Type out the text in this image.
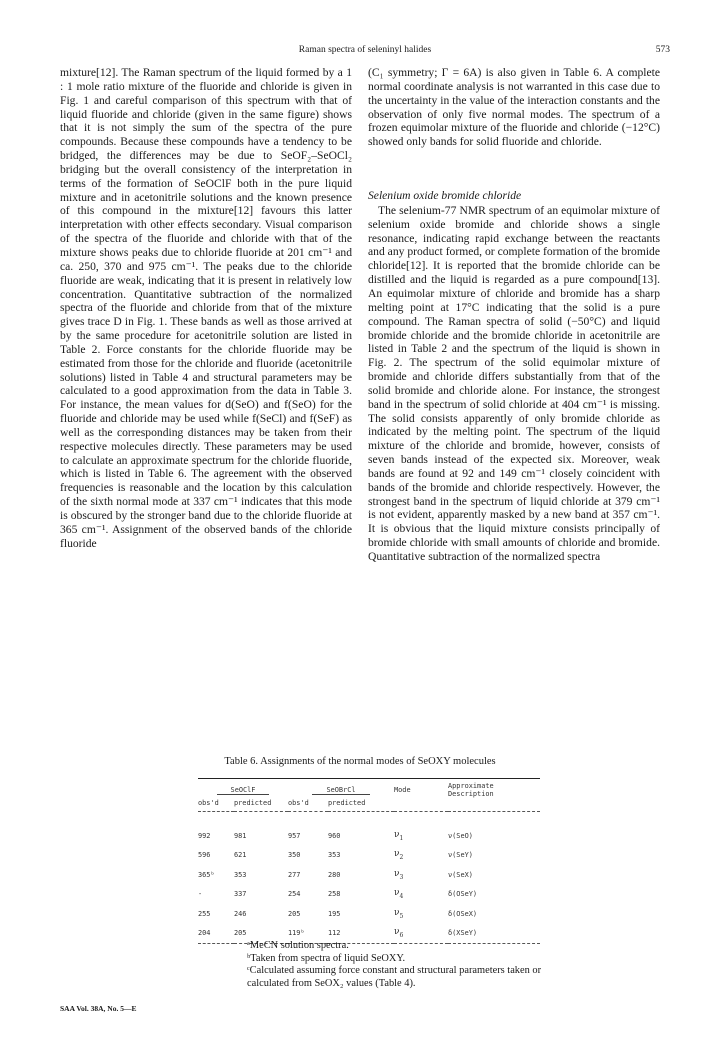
Raman spectra of seleninyl halides	573

mixture[12]. The Raman spectrum of the liquid formed by a 1 : 1 mole ratio mixture of the fluoride and chloride is given in Fig. 1 and careful comparison of this spectrum with that of liquid fluoride and chloride (given in the same figure) shows that it is not simply the sum of the spectra of the pure compounds. Because these compounds have a tendency to be bridged, the differences may be due to SeOF₂–SeOCl₂ bridging but the overall consistency of the interpretation in terms of the formation of SeOClF both in the pure liquid mixture and in acetonitrile solutions and the known presence of this compound in the mixture[12] favours this latter interpretation with other effects secondary. Visual comparison of the spectra of the fluoride and chloride with that of the mixture shows peaks due to chloride fluoride at 201 cm⁻¹ and ca. 250, 370 and 975 cm⁻¹. The peaks due to the chloride fluoride are weak, indicating that it is present in relatively low concentration. Quantitative subtraction of the normalized spectra of the fluoride and chloride from that of the mixture gives trace D in Fig. 1. These bands as well as those arrived at by the same procedure for acetonitrile solution are listed in Table 2. Force constants for the chloride fluoride may be estimated from those for the chloride and fluoride (acetonitrile solutions) listed in Table 4 and structural parameters may be calculated to a good approximation from the data in Table 3. For instance, the mean values for d(SeO) and f(SeO) for the fluoride and chloride may be used while f(SeCl) and f(SeF) as well as the corresponding distances may be taken from their respective molecules directly. These parameters may be used to calculate an approximate spectrum for the chloride fluoride, which is listed in Table 6. The agreement with the observed frequencies is reasonable and the location by this calculation of the sixth normal mode at 337 cm⁻¹ indicates that this mode is obscured by the stronger band due to the chloride fluoride at 365 cm⁻¹. Assignment of the observed bands of the chloride fluoride

(C₁ symmetry; Γ = 6A) is also given in Table 6. A complete normal coordinate analysis is not warranted in this case due to the uncertainty in the value of the interaction constants and the observation of only five normal modes. The spectrum of a frozen equimolar mixture of the fluoride and chloride (−12°C) showed only bands for solid fluoride and chloride.

Selenium oxide bromide chloride

The selenium-77 NMR spectrum of an equimolar mixture of selenium oxide bromide and chloride shows a single resonance, indicating rapid exchange between the reactants and any product formed, or complete formation of the bromide chloride[12]. It is reported that the bromide chloride can be distilled and the liquid is regarded as a pure compound[13]. An equimolar mixture of chloride and bromide has a sharp melting point at 17°C indicating that the solid is a pure compound. The Raman spectra of solid (−50°C) and liquid bromide chloride and the bromide chloride in acetonitrile are listed in Table 2 and the spectrum of the liquid is shown in Fig. 2. The spectrum of the solid equimolar mixture of bromide and chloride differs substantially from that of the solid bromide and chloride alone. For instance, the strongest band in the spectrum of solid chloride at 404 cm⁻¹ is missing. The solid consists apparently of only bromide chloride as indicated by the melting point. The spectrum of the liquid mixture of the chloride and bromide, however, consists of seven bands instead of the expected six. Moreover, weak bands are found at 92 and 149 cm⁻¹ closely coincident with bands of the bromide and chloride respectively. However, the strongest band in the spectrum of liquid chloride at 379 cm⁻¹ is not evident, apparently masked by a new band at 357 cm⁻¹. It is obvious that the liquid mixture consists principally of bromide chloride with small amounts of chloride and bromide. Quantitative subtraction of the normalized spectra

Table 6. Assignments of the normal modes of SeOXY molecules
SeOClF		SeOBrCl		Mode	Approximate Description
obs'd	predicted	obs'd	predicted		

992	981	957	960	$\nu_1$	ν(SeO)
596	621	350	353	$\nu_2$	ν(SeY)
365ᵇ	353	277	280	$\nu_3$	ν(SeX)
-	337	254	258	$\nu_4$	δ(OSeY)
255	246	205	195	$\nu_5$	δ(OSeX)
204	205	119ᵇ	112	$\nu_6$	δ(XSeY)

ᵃMeCN solution spectra.

ᵇTaken from spectra of liquid SeOXY.

ᶜCalculated assuming force constant and structural parameters taken or calculated from SeOX₂ values (Table 4).

SAA Vol. 38A, No. 5—E
